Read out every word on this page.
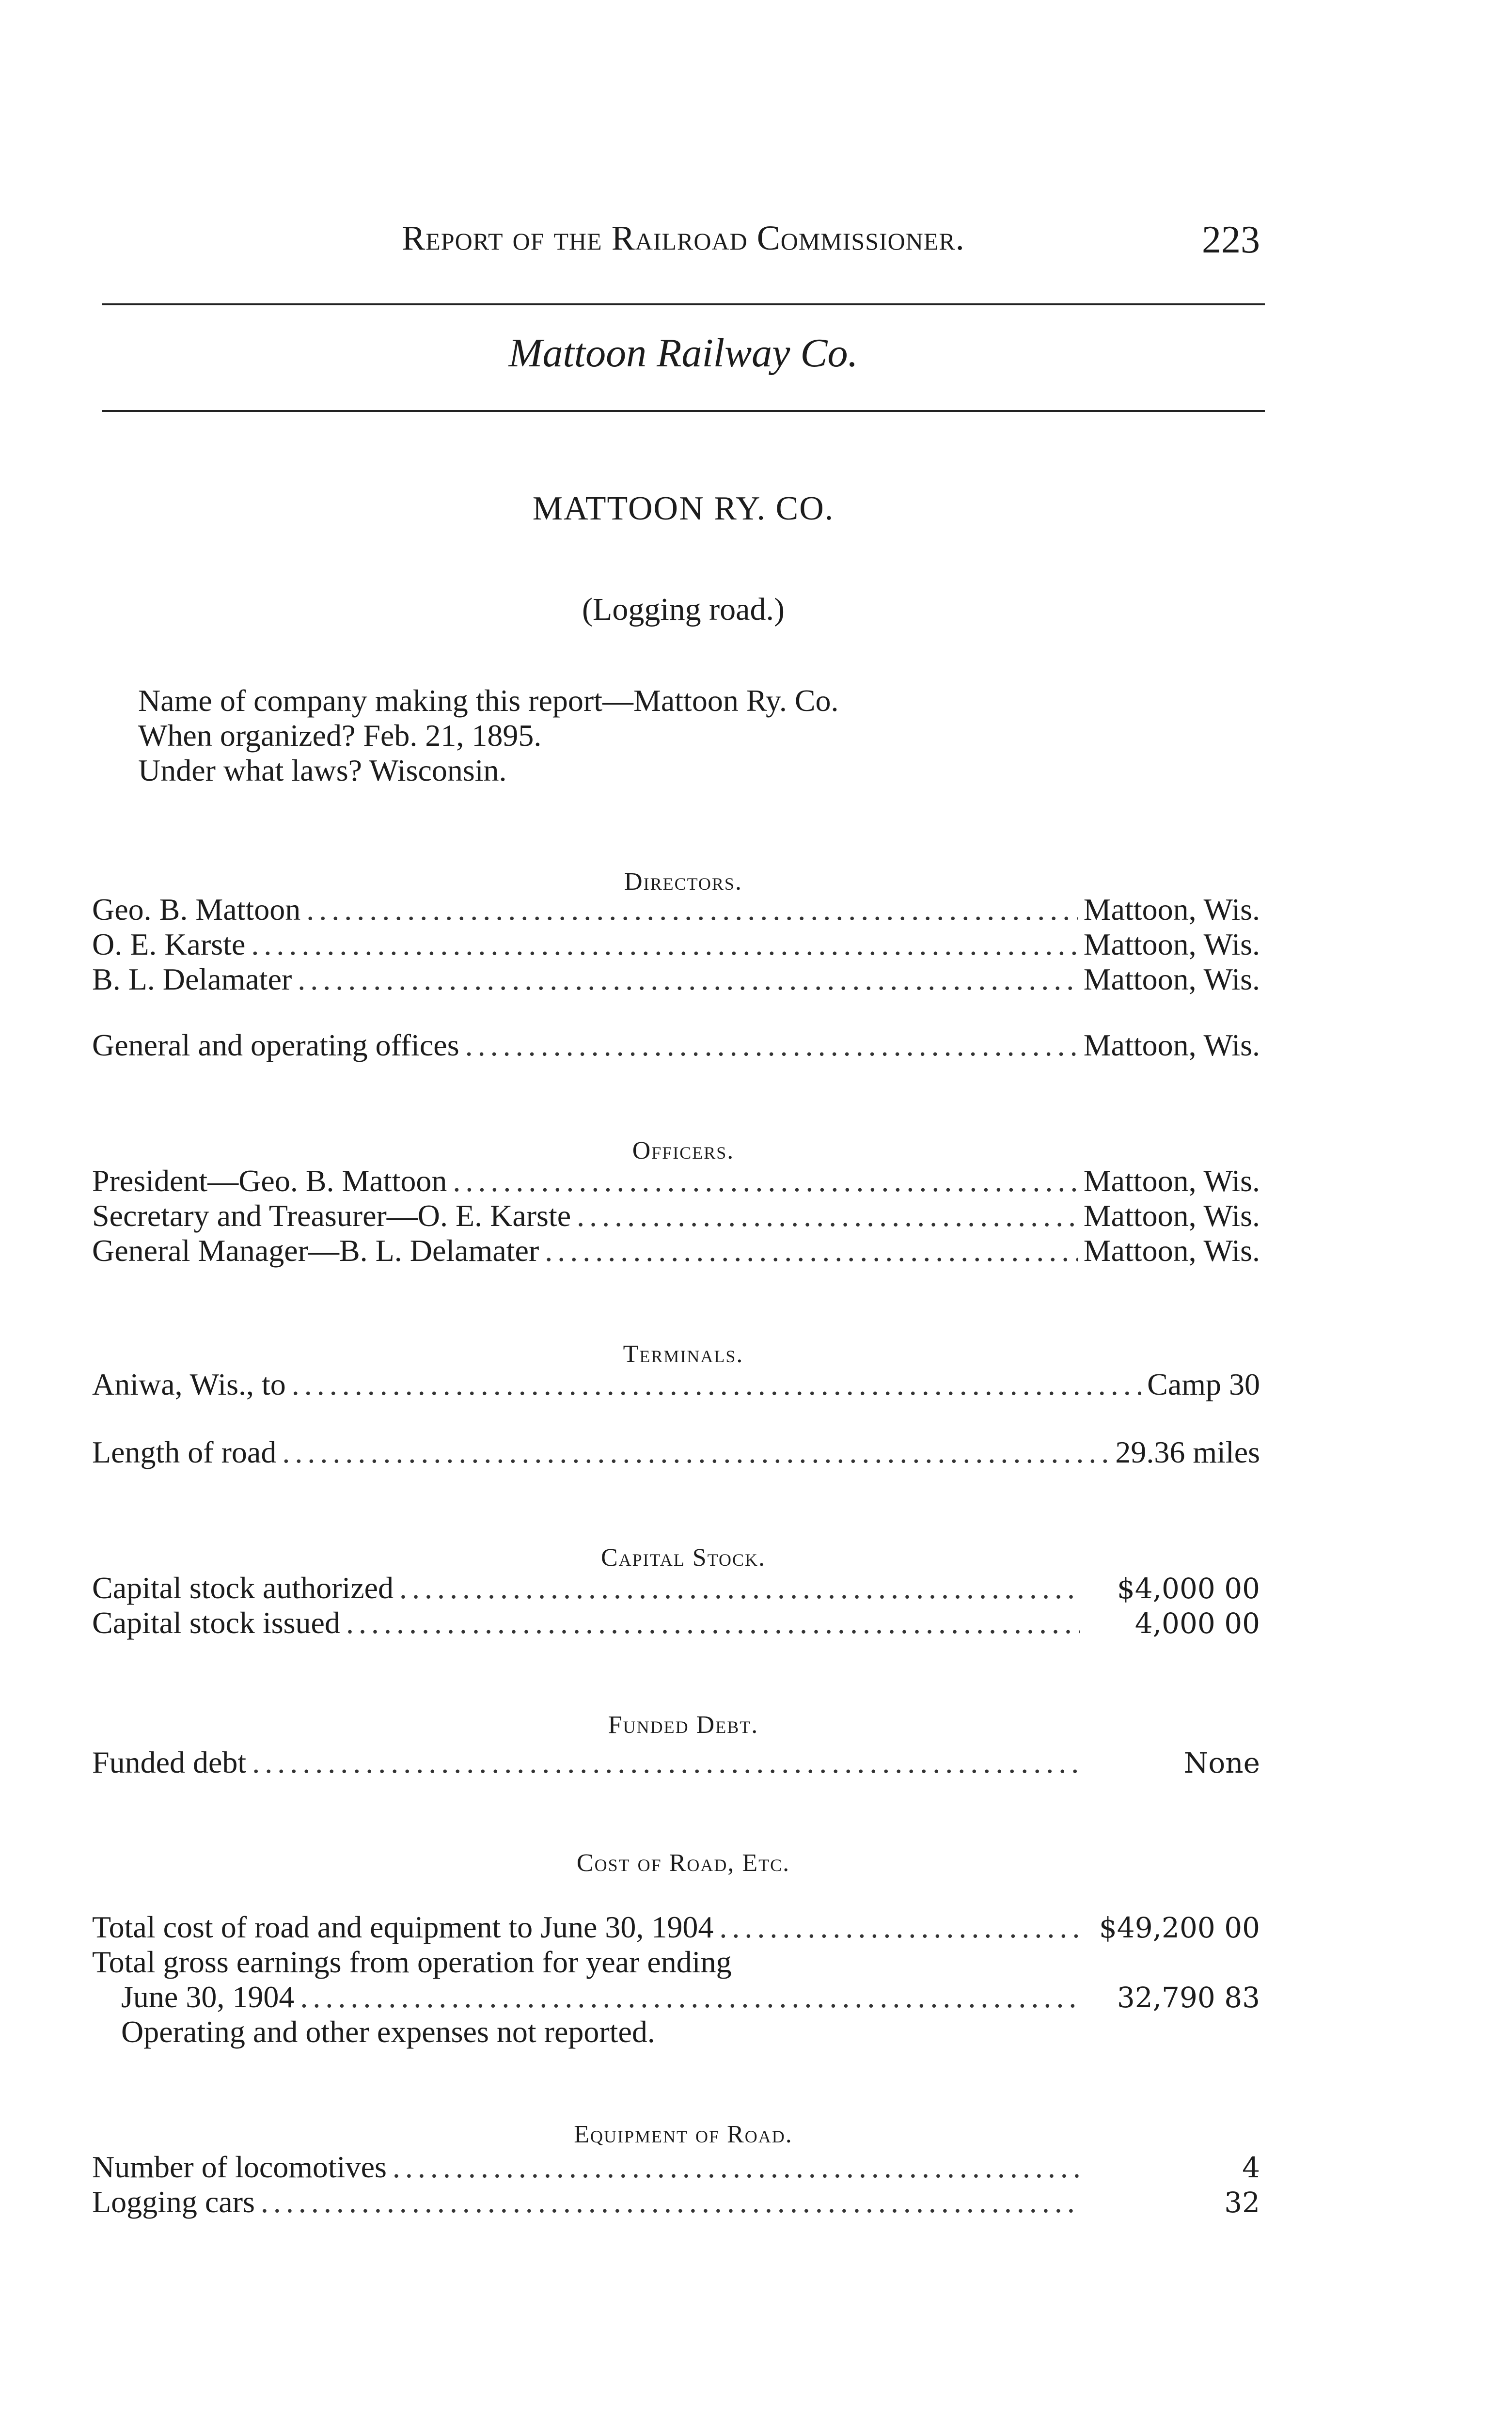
Report of the Railroad Commissioner.	223
Mattoon Railway Co.
MATTOON RY. CO.
(Logging road.)
Name of company making this report—Mattoon Ry. Co.
When organized? Feb. 21, 1895.
Under what laws? Wisconsin.
Directors.
Geo. B. Mattoon .....	Mattoon, Wis.
O. E. Karste .....	Mattoon, Wis.
B. L. Delamater .....	Mattoon, Wis.
General and operating offices .....	Mattoon, Wis.
Officers.
President—Geo. B. Mattoon .....	Mattoon, Wis.
Secretary and Treasurer—O. E. Karste .....	Mattoon, Wis.
General Manager—B. L. Delamater .....	Mattoon, Wis.
Terminals.
Aniwa, Wis., to .....	Camp 30
Length of road .....	29.36 miles
Capital Stock.
Capital stock authorized .....	$4,000 00
Capital stock issued .....	4,000 00
Funded Debt.
Funded debt .....	None
Cost of Road, Etc.
Total cost of road and equipment to June 30, 1904 .....	$49,200 00
Total gross earnings from operation for year ending
June 30, 1904 .....	32,790 83
Operating and other expenses not reported.
Equipment of Road.
Number of locomotives .....	4
Logging cars .....	32
